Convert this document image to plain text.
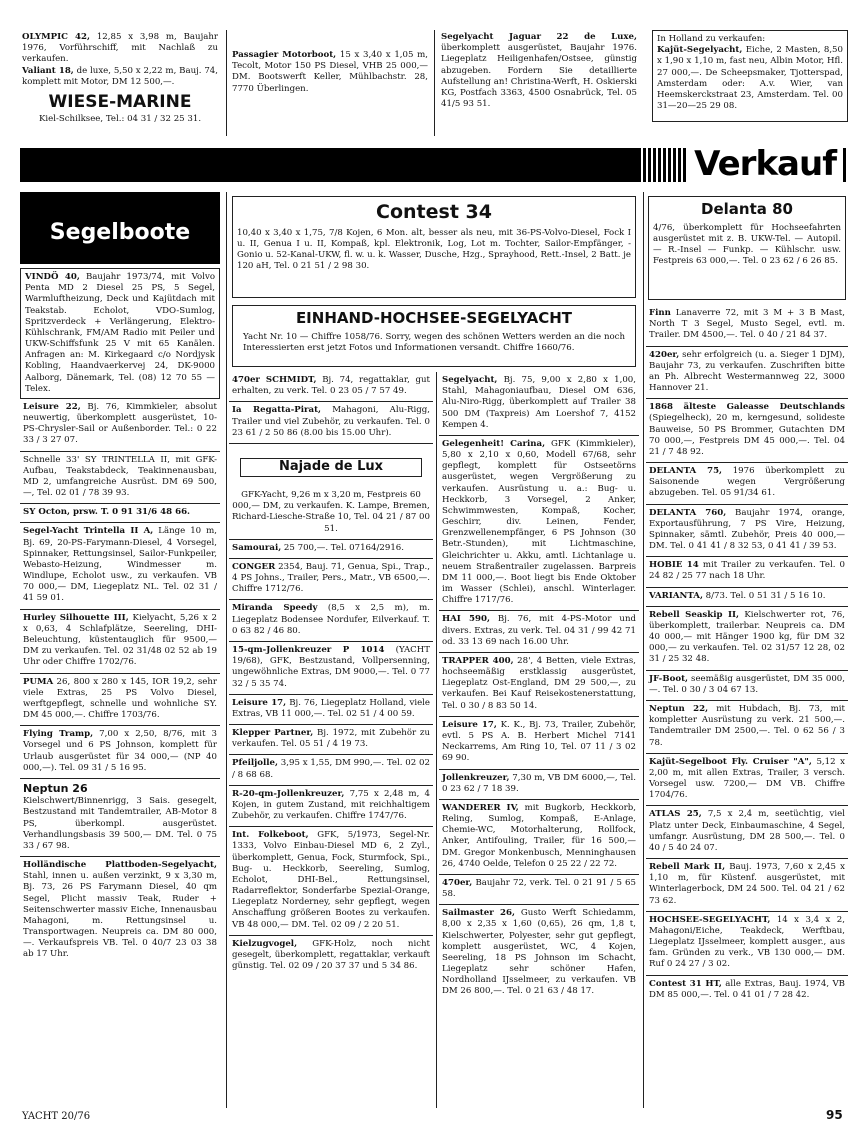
OLYMPIC 42, 12,85 x 3,98 m, Baujahr 1976, Vorführschiff, mit Nachlaß zu verkaufen.
Valiant 18, de luxe, 5,50 x 2,22 m, Bauj. 74, komplett mit Motor, DM 12 500,—.
WIESE-MARINE
Kiel-Schilksee, Tel.: 04 31 / 32 25 31.
Passagier Motorboot, 15 x 3,40 x 1,05 m, Tecolt, Motor 150 PS Diesel, VHB 25 000,— DM. Bootswerft Keller, Mühlbachstr. 28, 7770 Überlingen.
Segelyacht Jaguar 22 de Luxe, überkomplett ausgerüstet, Baujahr 1976. Liegeplatz Heiligenhafen/Ostsee, günstig abzugeben. Fordern Sie detaillierte Aufstellung an! Christina-Werft, H. Oskierski KG, Postfach 3363, 4500 Osnabrück, Tel. 05 41/5 93 51.
In Holland zu verkaufen:
Kajüt-Segelyacht, Eiche, 2 Masten, 8,50 x 1,90 x 1,10 m, fast neu, Albin Motor, Hfl. 27 000,—. De Scheepsmaker, Tjotterspad, Amsterdam oder: A.v. Wier, van Heemskerckstraat 23, Amsterdam. Tel. 00 31—20—25 29 08.
Verkauf
Segelboote
VINDÖ 40, Baujahr 1973/74, mit Volvo Penta MD 2 Diesel 25 PS, 5 Segel, Warmluftheizung, Deck und Kajütdach mit Teakstab. Echolot, VDO-Sumlog, Spritzverdeck + Verlängerung, Elektro-Kühlschrank, FM/AM Radio mit Peiler und UKW-Schiffsfunk 25 V mit 65 Kanälen. Anfragen an: M. Kirkegaard c/o Nordjysk Kobling, Haandvaerkervej 24, DK-9000 Aalborg, Dänemark, Tel. (08) 12 70 55 — Telex.
Leisure 22, Bj. 76, Kimmkieler, absolut neuwertig, überkomplett ausgerüstet, 10-PS-Chrysler-Sail or Außenborder. Tel.: 0 22 33 / 3 27 07.
Schnelle 33' SY TRINTELLA II, mit GFK-Aufbau, Teakstabdeck, Teakinnenausbau, MD 2, umfangreiche Ausrüst. DM 69 500,—, Tel. 02 01 / 78 39 93.
SY Octon, prsw. T. 0 91 31/6 48 66.
Segel-Yacht Trintella II A, Länge 10 m, Bj. 69, 20-PS-Farymann-Diesel, 4 Vorsegel, Spinnaker, Rettungsinsel, Sailor-Funkpeiler, Webasto-Heizung, Windmesser m. Windlupe, Echolot usw., zu verkaufen. VB 70 000,— DM, Liegeplatz NL. Tel. 02 31 / 41 59 01.
Hurley Silhouette III, Kielyacht, 5,26 x 2 x 0,63, 4 Schlafplätze, Seereling, DHI-Beleuchtung, küstentauglich für 9500,— DM zu verkaufen. Tel. 02 31/48 02 52 ab 19 Uhr oder Chiffre 1702/76.
PUMA 26, 800 x 280 x 145, IOR 19,2, sehr viele Extras, 25 PS Volvo Diesel, werftgepflegt, schnelle und wohnliche SY. DM 45 000,—. Chiffre 1703/76.
Flying Tramp, 7,00 x 2,50, 8/76, mit 3 Vorsegel und 6 PS Johnson, komplett für Urlaub ausgerüstet für 34 000,— (NP 40 000,—). Tel. 09 31 / 5 16 95.
Neptun 26
Kielschwert/Binnenrigg, 3 Sais. gesegelt, Bestzustand mit Tandemtrailer, AB-Motor 8 PS, überkompl. ausgerüstet. Verhandlungsbasis 39 500,— DM. Tel. 0 75 33 / 67 98.
Holländische Plattboden-Segelyacht, Stahl, innen u. außen verzinkt, 9 x 3,30 m, Bj. 73, 26 PS Farymann Diesel, 40 qm Segel, Plicht massiv Teak, Ruder + Seitenschwerter massiv Eiche, Innenausbau Mahagoni, m. Rettungsinsel u. Transportwagen. Neupreis ca. DM 80 000,—. Verkaufspreis VB. Tel. 0 40/7 23 03 38 ab 17 Uhr.
Contest 34
10,40 x 3,40 x 1,75, 7/8 Kojen, 6 Mon. alt, besser als neu, mit 36-PS-Volvo-Diesel, Fock I u. II, Genua I u. II, Kompaß, kpl. Elektronik, Log, Lot m. Tochter, Sailor-Empfänger, -Gonio u. 52-Kanal-UKW, fl. w. u. k. Wasser, Dusche, Hzg., Sprayhood, Rett.-Insel, 2 Batt. je 120 aH, Tel. 0 21 51 / 2 98 30.
EINHAND-HOCHSEE-SEGELYACHT
Yacht Nr. 10 — Chiffre 1058/76. Sorry, wegen des schönen Wetters werden an die noch Interessierten erst jetzt Fotos und Informationen versandt. Chiffre 1660/76.
470er SCHMIDT, Bj. 74, regattaklar, gut erhalten, zu verk. Tel. 0 23 05 / 7 57 49.
Ia Regatta-Pirat, Mahagoni, Alu-Rigg, Trailer und viel Zubehör, zu verkaufen. Tel. 0 23 61 / 2 50 86 (8.00 bis 15.00 Uhr).

Najade de Lux

GFK-Yacht, 9,26 m x 3,20 m, Festpreis 60 000,— DM, zu verkaufen. K. Lampe, Bremen, Richard-Liesche-Straße 10, Tel. 04 21 / 87 00 51.

Samourai, 25 700,—. Tel. 07164/2916.
CONGER 2354, Bauj. 71, Genua, Spi., Trap., 4 PS Johns., Trailer, Pers., Matr., VB 6500,—. Chiffre 1712/76.
Miranda Speedy (8,5 x 2,5 m), m. Liegeplatz Bodensee Nordufer, Eilverkauf. T. 0 63 82 / 46 80.
15-qm-Jollenkreuzer P 1014 (YACHT 19/68), GFK, Bestzustand, Vollpersenning, ungewöhnliche Extras, DM 9000,—. Tel. 0 77 32 / 5 35 74.
Leisure 17, Bj. 76, Liegeplatz Holland, viele Extras, VB 11 000,—. Tel. 02 51 / 4 00 59.
Klepper Partner, Bj. 1972, mit Zubehör zu verkaufen. Tel. 05 51 / 4 19 73.
Pfeiljolle, 3,95 x 1,55, DM 990,—. Tel. 02 02 / 8 68 68.
R-20-qm-Jollenkreuzer, 7,75 x 2,48 m, 4 Kojen, in gutem Zustand, mit reichhaltigem Zubehör, zu verkaufen. Chiffre 1747/76.
Int. Folkeboot, GFK, 5/1973, Segel-Nr. 1333, Volvo Einbau-Diesel MD 6, 2 Zyl., überkomplett, Genua, Fock, Sturmfock, Spi., Bug- u. Heckkorb, Seereling, Sumlog, Echolot, DHI-Bel., Rettungsinsel, Radarreflektor, Sonderfarbe Spezial-Orange, Liegeplatz Norderney, sehr gepflegt, wegen Anschaffung größeren Bootes zu verkaufen. VB 48 000,— DM. Tel. 02 09 / 2 20 51.
Kielzugvogel, GFK-Holz, noch nicht gesegelt, überkomplett, regattaklar, verkauft günstig. Tel. 02 09 / 20 37 37 und 5 34 86.
Segelyacht, Bj. 75, 9,00 x 2,80 x 1,00, Stahl, Mahagoniaufbau, Diesel OM 636, Alu-Niro-Rigg, überkomplett auf Trailer 38 500 DM (Taxpreis) Am Loershof 7, 4152 Kempen 4.
Gelegenheit! Carina, GFK (Kimmkieler), 5,80 x 2,10 x 0,60, Modell 67/68, sehr gepflegt, komplett für Ostseetörns ausgerüstet, wegen Vergrößerung zu verkaufen. Ausrüstung u. a.: Bug- u. Heckkorb, 3 Vorsegel, 2 Anker, Schwimmwesten, Kompaß, Kocher, Geschirr, div. Leinen, Fender, Grenzwellenempfänger, 6 PS Johnson (30 Betr.-Stunden), mit Lichtmaschine, Gleichrichter u. Akku, amtl. Lichtanlage u. neuem Straßentrailer zugelassen. Barpreis DM 11 000,—. Boot liegt bis Ende Oktober im Wasser (Schlei), anschl. Winterlager. Chiffre 1717/76.
HAI 590, Bj. 76, mit 4-PS-Motor und divers. Extras, zu verk. Tel. 04 31 / 99 42 71 od. 33 13 69 nach 16.00 Uhr.
TRAPPER 400, 28', 4 Betten, viele Extras, hochseemäßig erstklassig ausgerüstet, Liegeplatz Ost-England, DM 29 500,—, zu verkaufen. Bei Kauf Reisekostenerstattung, Tel. 0 30 / 8 83 50 14.
Leisure 17, K. K., Bj. 73, Trailer, Zubehör, evtl. 5 PS A. B. Herbert Michel 7141 Neckarrems, Am Ring 10, Tel. 07 11 / 3 02 69 90.
Jollenkreuzer, 7,30 m, VB DM 6000,—, Tel. 0 23 62 / 7 18 39.
WANDERER IV, mit Bugkorb, Heckkorb, Reling, Sumlog, Kompaß, E-Anlage, Chemie-WC, Motorhalterung, Rollfock, Anker, Antifouling, Trailer, für 16 500,— DM. Gregor Monkenbusch, Menninghausen 26, 4740 Oelde, Telefon 0 25 22 / 22 72.
470er, Baujahr 72, verk. Tel. 0 21 91 / 5 65 58.
Sailmaster 26, Gusto Werft Schiedamm, 8,00 x 2,35 x 1,60 (0,65), 26 qm, 1,8 t, Kielschwerter, Polyester, sehr gut gepflegt, komplett ausgerüstet, WC, 4 Kojen, Seereling, 18 PS Johnson im Schacht, Liegeplatz sehr schöner Hafen, Nordholland IJsselmeer, zu verkaufen. VB DM 26 800,—. Tel. 0 21 63 / 48 17.
Delanta 80
4/76, überkomplett für Hochseefahrten ausgerüstet mit z. B. UKW-Tel. — Autopil. — R.-Insel — Funkp. — Kühlschr. usw. Festpreis 63 000,—. Tel. 0 23 62 / 6 26 85.
Finn Lanaverre 72, mit 3 M + 3 B Mast, North T 3 Segel, Musto Segel, evtl. m. Trailer. DM 4500,—. Tel. 0 40 / 21 84 37.
420er, sehr erfolgreich (u. a. Sieger 1 DJM), Baujahr 73, zu verkaufen. Zuschriften bitte an Ph. Albrecht Westermannweg 22, 3000 Hannover 21.
1868 älteste Galeasse Deutschlands (Spiegelheck), 20 m, kerngesund, solideste Bauweise, 50 PS Brommer, Gutachten DM 70 000,—, Festpreis DM 45 000,—. Tel. 04 21 / 7 48 92.
DELANTA 75, 1976 überkomplett zu Saisonende wegen Vergrößerung abzugeben. Tel. 05 91/34 61.
DELANTA 760, Baujahr 1974, orange, Exportausführung, 7 PS Vire, Heizung, Spinnaker, sämtl. Zubehör, Preis 40 000,— DM. Tel. 0 41 41 / 8 32 53, 0 41 41 / 39 53.
HOBIE 14 mit Trailer zu verkaufen. Tel. 0 24 82 / 25 77 nach 18 Uhr.
VARIANTA, 8/73. Tel. 0 51 31 / 5 16 10.
Rebell Seaskip II, Kielschwerter rot, 76, überkomplett, trailerbar. Neupreis ca. DM 40 000,— mit Hänger 1900 kg, für DM 32 000,— zu verkaufen. Tel. 02 31/57 12 28, 02 31 / 25 32 48.
JF-Boot, seemäßig ausgerüstet, DM 35 000,—. Tel. 0 30 / 3 04 67 13.
Neptun 22, mit Hubdach, Bj. 73, mit kompletter Ausrüstung zu verk. 21 500,—. Tandemtrailer DM 2500,—. Tel. 0 62 56 / 3 78.
Kajüt-Segelboot Fly. Cruiser "A", 5,12 x 2,00 m, mit allen Extras, Trailer, 3 versch. Vorsegel usw. 7200,— DM VB. Chiffre 1704/76.
ATLAS 25, 7,5 x 2,4 m, seetüchtig, viel Platz unter Deck, Einbaumaschine, 4 Segel, umfangr. Ausrüstung, DM 28 500,—. Tel. 0 40 / 5 40 24 07.
Rebell Mark II, Bauj. 1973, 7,60 x 2,45 x 1,10 m, für Küstenf. ausgerüstet, mit Winterlagerbock, DM 24 500. Tel. 04 21 / 62 73 62.
HOCHSEE-SEGELYACHT, 14 x 3,4 x 2, Mahagoni/Eiche, Teakdeck, Werftbau, Liegeplatz IJsselmeer, komplett ausger., aus fam. Gründen zu verk., VB 130 000,— DM. Ruf 0 24 27 / 3 02.
Contest 31 HT, alle Extras, Bauj. 1974, VB DM 85 000,—. Tel. 0 41 01 / 7 28 42.
YACHT 20/76	95
